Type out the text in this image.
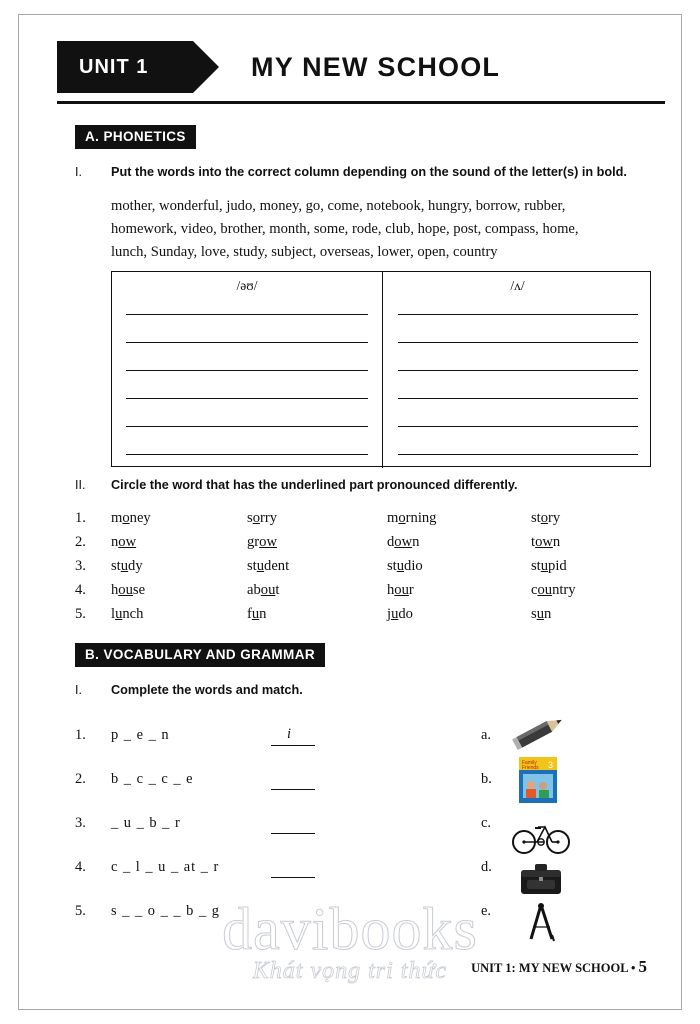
UNIT 1	MY NEW SCHOOL
A. PHONETICS
I. Put the words into the correct column depending on the sound of the letter(s) in bold.
mother, wonderful, judo, money, go, come, notebook, hungry, borrow, rubber,
homework, video, brother, month, some, rode, club, hope, post, compass, home,
lunch, Sunday, love, study, subject, overseas, lower, open, country
/əʊ/	/ʌ/
II. Circle the word that has the underlined part pronounced differently.
1. money	sorry	morning	story
2. now	grow	down	town
3. study	student	studio	stupid
4. house	about	hour	country
5. lunch	fun	judo	sun
B. VOCABULARY AND GRAMMAR
I. Complete the words and match.
1. p _ e _ n	i
2. b _ c _ c _ e
3. _ u _ b _ r
4. c _ l _ u _ at _ r
5. s _ _ o _ _ b _ g
a.
b.
c.
d.
e.
Family
Friends 3
UNIT 1: MY NEW SCHOOL • 5
